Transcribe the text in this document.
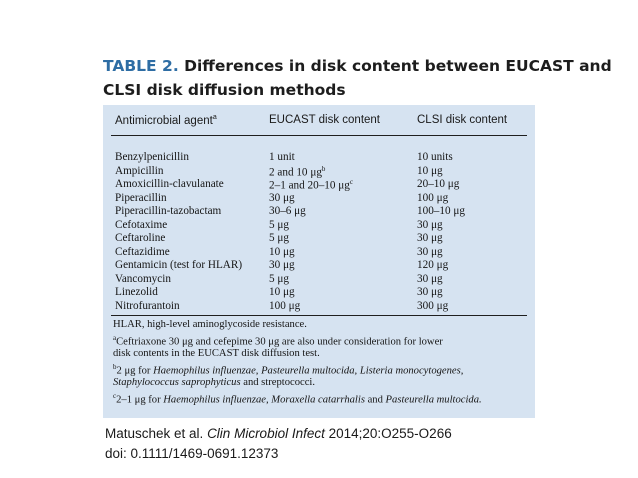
TABLE 2. Differences in disk content between EUCAST and
CLSI disk diffusion methods
Antimicrobial agent$^a$	EUCAST disk content	CLSI disk content
Benzylpenicillin	1 unit	10 units
Ampicillin	2 and 10 $\mu g^b$	10 μg
Amoxicillin-clavulanate	2–1 and 20–10 $\mu g^c$	20–10 μg
Piperacillin	30 μg	100 μg
Piperacillin-tazobactam	30–6 μg	100–10 μg
Cefotaxime	5 μg	30 μg
Ceftaroline	5 μg	30 μg
Ceftazidime	10 μg	30 μg
Gentamicin (test for HLAR) 30 μg	120 μg
Vancomycin	5 μg	30 μg
Linezolid	10 μg	30 μg
Nitrofurantoin	100 μg	300 μg
HLAR, high-level aminoglycoside resistance.
$^a$Ceftriaxone 30 μg and cefepime 30 μg are also under consideration for lower
disk contents in the EUCAST disk diffusion test.
$^b$2 μg for Haemophilus influenzae, Pasteurella multocida, Listeria monocytogenes,
Staphylococcus saprophyticus and streptococci.
$^c$2–1 μg for Haemophilus influenzae, Moraxella catarrhalis and Pasteurella multocida.
Matuschek et al. Clin Microbiol Infect 2014;20:O255-O266
doi: 0.1111/1469-0691.12373
